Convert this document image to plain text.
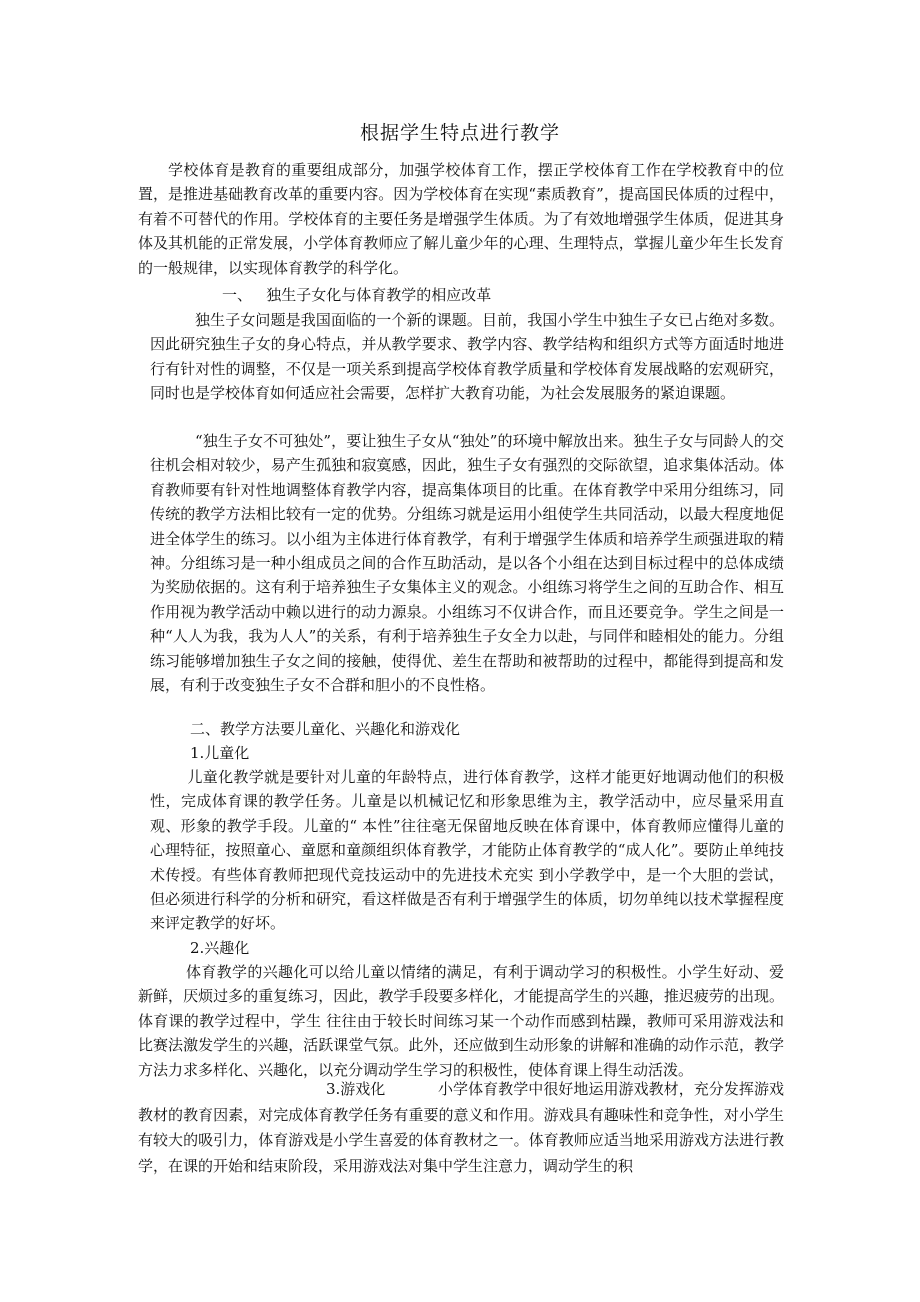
根据学生特点进行教学
学校体育是教育的重要组成部分，加强学校体育工作，摆正学校体育工作在学校教育中的位置，是推进基础教育改革的重要内容。因为学校体育在实现“素质教育”，提高国民体质的过程中，有着不可替代的作用。学校体育的主要任务是增强学生体质。为了有效地增强学生体质，促进其身体及其机能的正常发展，小学体育教师应了解儿童少年的心理、生理特点，掌握儿童少年生长发育的一般规律，以实现体育教学的科学化。
一、   独生子女化与体育教学的相应改革
独生子女问题是我国面临的一个新的课题。目前，我国小学生中独生子女已占绝对多数。因此研究独生子女的身心特点，并从教学要求、教学内容、教学结构和组织方式等方面适时地进行有针对性的调整，不仅是一项关系到提高学校体育教学质量和学校体育发展战略的宏观研究，同时也是学校体育如何适应社会需要，怎样扩大教育功能，为社会发展服务的紧迫课题。
“独生子女不可独处”，要让独生子女从“独处”的环境中解放出来。独生子女与同龄人的交往机会相对较少，易产生孤独和寂寞感，因此，独生子女有强烈的交际欲望，追求集体活动。体育教师要有针对性地调整体育教学内容，提高集体项目的比重。在体育教学中采用分组练习，同传统的教学方法相比较有一定的优势。分组练习就是运用小组使学生共同活动，以最大程度地促进全体学生的练习。以小组为主体进行体育教学，有利于增强学生体质和培养学生顽强进取的精神。分组练习是一种小组成员之间的合作互助活动，是以各个小组在达到目标过程中的总体成绩为奖励依据的。这有利于培养独生子女集体主义的观念。小组练习将学生之间的互助合作、相互作用视为教学活动中赖以进行的动力源泉。小组练习不仅讲合作，而且还要竞争。学生之间是一种“人人为我，我为人人”的关系，有利于培养独生子女全力以赴，与同伴和睦相处的能力。分组练习能够增加独生子女之间的接触，使得优、差生在帮助和被帮助的过程中，都能得到提高和发展，有利于改变独生子女不合群和胆小的不良性格。
二、教学方法要儿童化、兴趣化和游戏化
1.儿童化
儿童化教学就是要针对儿童的年龄特点，进行体育教学，这样才能更好地调动他们的积极性，完成体育课的教学任务。儿童是以机械记忆和形象思维为主，教学活动中，应尽量采用直观、形象的教学手段。儿童的“ 本性”往往毫无保留地反映在体育课中，体育教师应懂得儿童的心理特征，按照童心、童愿和童颜组织体育教学，才能防止体育教学的“成人化”。要防止单纯技术传授。有些体育教师把现代竞技运动中的先进技术充实 到小学教学中，是一个大胆的尝试，但必须进行科学的分析和研究，看这样做是否有利于增强学生的体质，切勿单纯以技术掌握程度来评定教学的好坏。
2.兴趣化
体育教学的兴趣化可以给儿童以情绪的满足，有利于调动学习的积极性。小学生好动、爱新鲜，厌烦过多的重复练习，因此，教学手段要多样化，才能提高学生的兴趣，推迟疲劳的出现。体育课的教学过程中，学生 往往由于较长时间练习某一个动作而感到枯躁，教师可采用游戏法和比赛法激发学生的兴趣，活跃课堂气氛。此外，还应做到生动形象的讲解和准确的动作示范，教学方法力求多样化、兴趣化，以充分调动学生学习的积极性，使体育课上得生动活泼。
3.游戏化	小学体育教学中很好地运用游戏教材，充分发挥游戏教材的教育因素，对完成体育教学任务有重要的意义和作用。游戏具有趣味性和竞争性，对小学生有较大的吸引力，体育游戏是小学生喜爱的体育教材之一。体育教师应适当地采用游戏方法进行教学，在课的开始和结束阶段，采用游戏法对集中学生注意力，调动学生的积
